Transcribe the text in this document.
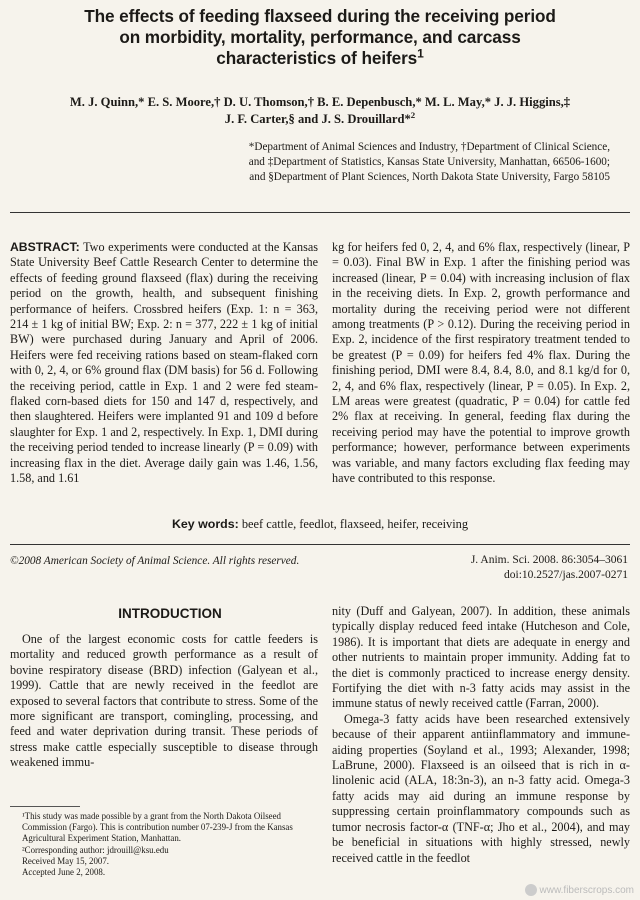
The effects of feeding flaxseed during the receiving period
on morbidity, mortality, performance, and carcass
characteristics of heifers$^1$
M. J. Quinn,* E. S. Moore,† D. U. Thomson,† B. E. Depenbusch,* M. L. May,* J. J. Higgins,‡
J. F. Carter,§ and J. S. Drouillard*$^2$
*Department of Animal Sciences and Industry, †Department of Clinical Science,
and ‡Department of Statistics, Kansas State University, Manhattan, 66506-1600;
and §Department of Plant Sciences, North Dakota State University, Fargo 58105

ABSTRACT: Two experiments were conducted at the Kansas State University Beef Cattle Research Center to determine the effects of feeding ground flaxseed (flax) during the receiving period on the growth, health, and subsequent finishing performance of heifers. Crossbred heifers (Exp. 1: n = 363, 214 ± 1 kg of initial BW; Exp. 2: n = 377, 222 ± 1 kg of initial BW) were purchased during January and April of 2006. Heifers were fed receiving rations based on steam-flaked corn with 0, 2, 4, or 6% ground flax (DM basis) for 56 d. Following the receiving period, cattle in Exp. 1 and 2 were fed steam-flaked corn-based diets for 150 and 147 d, respectively, and then slaughtered. Heifers were implanted 91 and 109 d before slaughter for Exp. 1 and 2, respectively. In Exp. 1, DMI during the receiving period tended to increase linearly (P = 0.09) with increasing flax in the diet. Average daily gain was 1.46, 1.56, 1.58, and 1.61

kg for heifers fed 0, 2, 4, and 6% flax, respectively (linear, P = 0.03). Final BW in Exp. 1 after the finishing period was increased (linear, P = 0.04) with increasing inclusion of flax in the receiving diets. In Exp. 2, growth performance and mortality during the receiving period were not different among treatments (P > 0.12). During the receiving period in Exp. 2, incidence of the first respiratory treatment tended to be greatest (P = 0.09) for heifers fed 4% flax. During the finishing period, DMI were 8.4, 8.4, 8.0, and 8.1 kg/d for 0, 2, 4, and 6% flax, respectively (linear, P = 0.05). In Exp. 2, LM areas were greatest (quadratic, P = 0.04) for cattle fed 2% flax at receiving. In general, feeding flax during the receiving period may have the potential to improve growth performance; however, performance between experiments was variable, and many factors excluding flax feeding may have contributed to this response.

Key words: beef cattle, feedlot, flaxseed, heifer, receiving
©2008 American Society of Animal Science. All rights reserved.	J. Anim. Sci. 2008. 86:3054–3061
doi:10.2527/jas.2007-0271
INTRODUCTION

One of the largest economic costs for cattle feeders is mortality and reduced growth performance as a result of bovine respiratory disease (BRD) infection (Galyean et al., 1999). Cattle that are newly received in the feedlot are exposed to several factors that contribute to stress. Some of the more significant are transport, comingling, processing, and feed and water deprivation during transit. These periods of stress make cattle especially susceptible to disease through weakened immu-

nity (Duff and Galyean, 2007). In addition, these animals typically display reduced feed intake (Hutcheson and Cole, 1986). It is important that diets are adequate in energy and other nutrients to maintain proper immunity. Adding fat to the diet is commonly practiced to increase energy density. Fortifying the diet with n-3 fatty acids may assist in the immune status of newly received cattle (Farran, 2000).

Omega-3 fatty acids have been researched extensively because of their apparent antiinflammatory and immune-aiding properties (Soyland et al., 1993; Alexander, 1998; LaBrune, 2000). Flaxseed is an oilseed that is rich in α-linolenic acid (ALA, 18:3n-3), an n-3 fatty acid. Omega-3 fatty acids may aid during an immune response by suppressing certain proinflammatory compounds such as tumor necrosis factor-α (TNF-α; Jho et al., 2004), and may be beneficial in situations with highly stressed, newly received cattle in the feedlot

¹This study was made possible by a grant from the North Dakota Oilseed Commission (Fargo). This is contribution number 07-239-J from the Kansas Agricultural Experiment Station, Manhattan.

²Corresponding author: jdrouill@ksu.edu

Received May 15, 2007.

Accepted June 2, 2008.

www.fiberscrops.com
